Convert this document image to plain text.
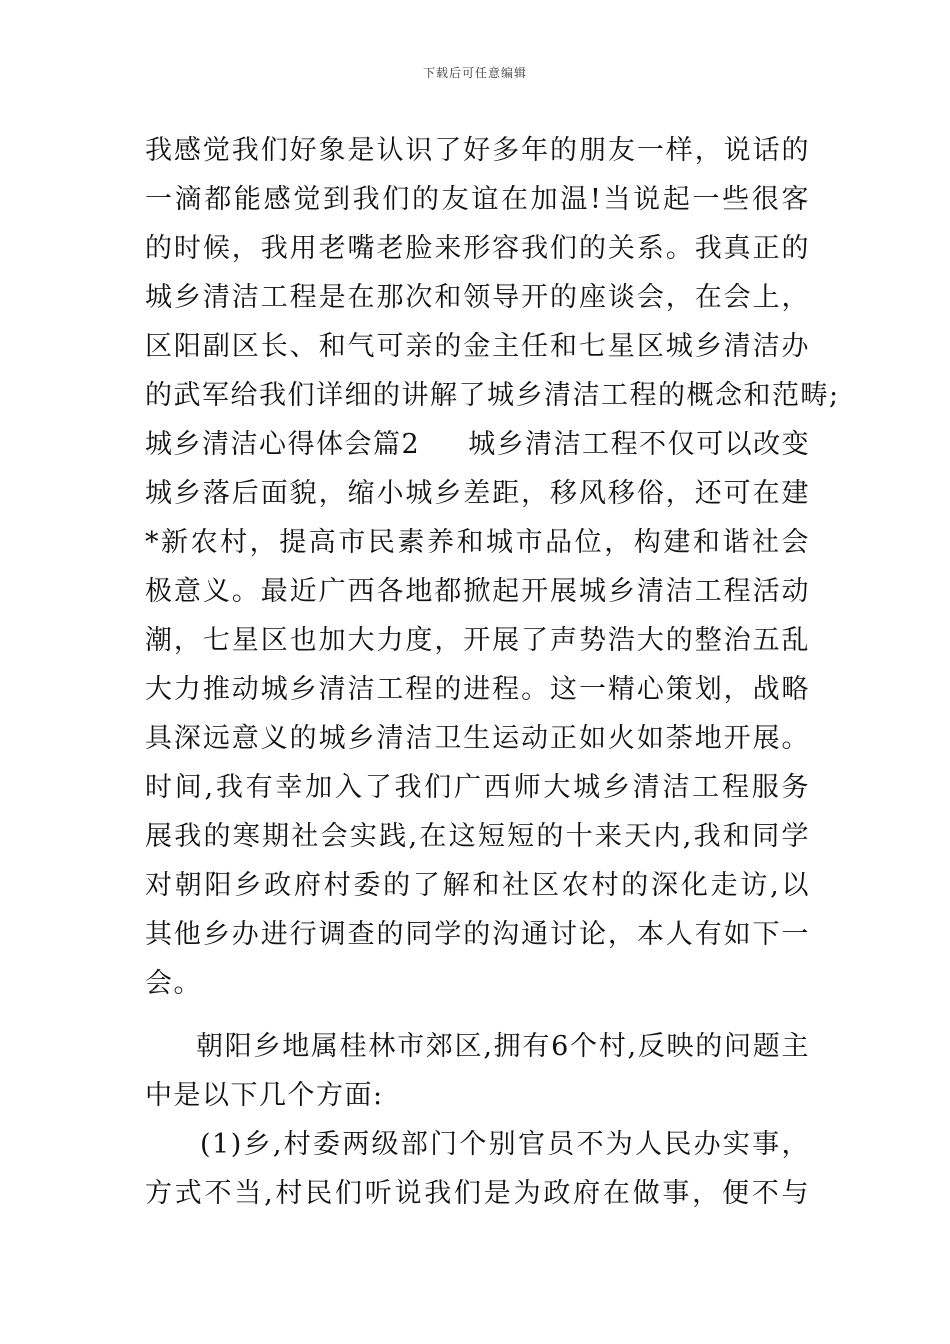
下载后可任意编辑
我感觉我们好象是认识了好多年的朋友一样，说话的
一滴都能感觉到我们的友谊在加温!当说起一些很客
的时候，我用老嘴老脸来形容我们的关系。我真正的
城乡清洁工程是在那次和领导开的座谈会，在会上，
区阳副区长、和气可亲的金主任和七星区城乡清洁办
的武军给我们详细的讲解了城乡清洁工程的概念和范畴;
城乡清洁心得体会篇2 城乡清洁工程不仅可以改变
城乡落后面貌，缩小城乡差距，移风移俗，还可在建
*新农村，提高市民素养和城市品位，构建和谐社会
极意义。最近广西各地都掀起开展城乡清洁工程活动
潮，七星区也加大力度，开展了声势浩大的整治五乱
大力推动城乡清洁工程的进程。这一精心策划，战略
具深远意义的城乡清洁卫生运动正如火如荼地开展。
时间,我有幸加入了我们广西师大城乡清洁工程服务
展我的寒期社会实践,在这短短的十来天内,我和同学
对朝阳乡政府村委的了解和社区农村的深化走访,以
其他乡办进行调查的同学的沟通讨论，本人有如下一
会。
朝阳乡地属桂林市郊区,拥有6个村,反映的问题主
中是以下几个方面:
(1)乡,村委两级部门个别官员不为人民办实事，
方式不当,村民们听说我们是为政府在做事，便不与
